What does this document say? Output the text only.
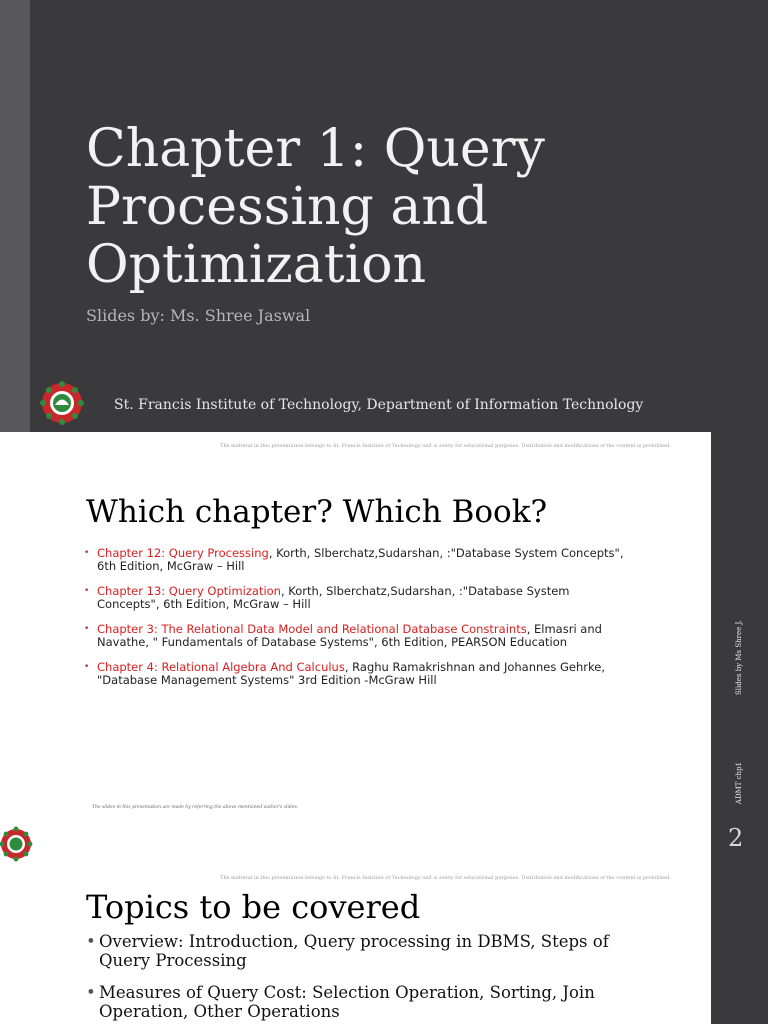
Chapter 1: Query Processing and Optimization
Slides by: Ms. Shree Jaswal
St. Francis Institute of Technology, Department of Information Technology
The material in this presentation belongs to St. Francis Institute of Technology and is solely for educational purposes. Distribution and modifications of the content is prohibited.
Which chapter? Which Book?
• Chapter 12: Query Processing, Korth, Slberchatz,Sudarshan, :"Database System Concepts", 6th Edition, McGraw – Hill
• Chapter 13: Query Optimization, Korth, Slberchatz,Sudarshan, :"Database System Concepts", 6th Edition, McGraw – Hill
• Chapter 3: The Relational Data Model and Relational Database Constraints, Elmasri and Navathe, " Fundamentals of Database Systems", 6th Edition, PEARSON Education
• Chapter 4: Relational Algebra And Calculus, Raghu Ramakrishnan and Johannes Gehrke, "Database Management Systems" 3rd Edition -McGraw Hill
The slides in this presentation are made by referring the above mentioned author's slides.
Slides by Ms Shree J.
ADMT chp1
2
The material in this presentation belongs to St. Francis Institute of Technology and is solely for educational purposes. Distribution and modifications of the content is prohibited.
Topics to be covered
• Overview: Introduction, Query processing in DBMS, Steps of Query Processing
• Measures of Query Cost: Selection Operation, Sorting, Join Operation, Other Operations
